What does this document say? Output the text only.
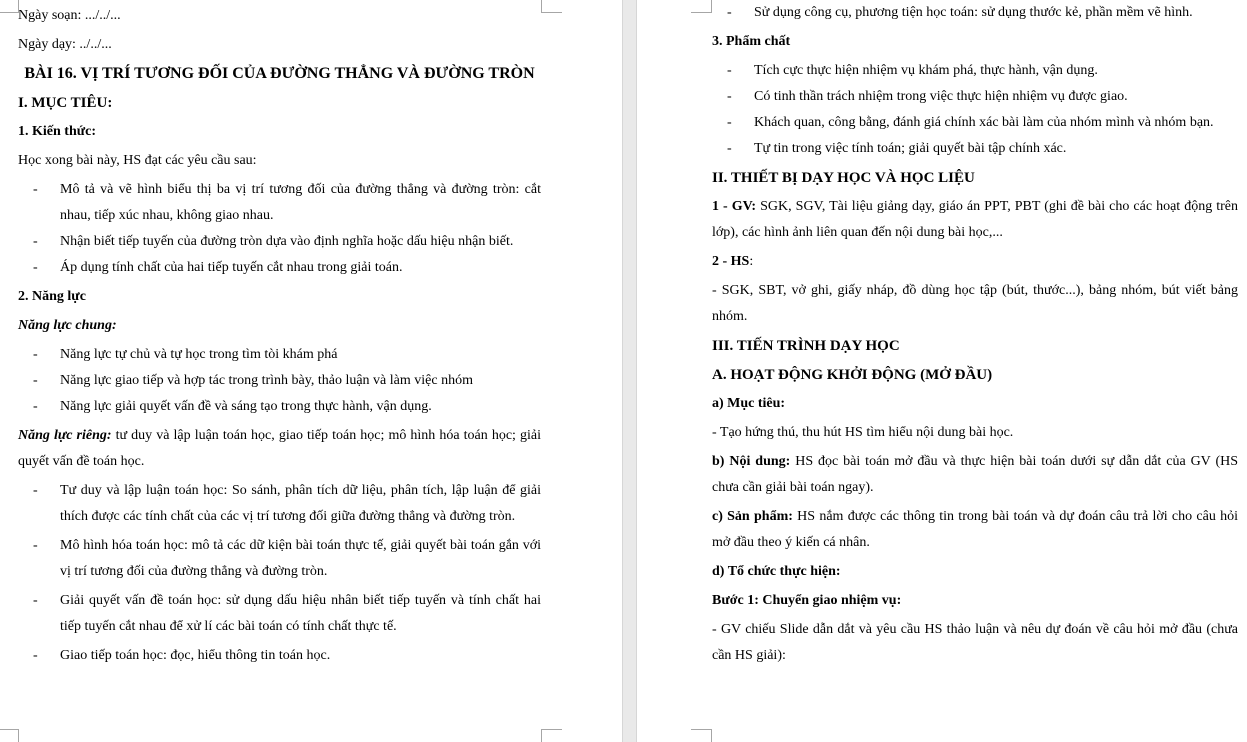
Ngày soạn: .../../...

Ngày dạy: ../../...

BÀI 16. VỊ TRÍ TƯƠNG ĐỐI CỦA ĐƯỜNG THẲNG VÀ ĐƯỜNG TRÒN

I. MỤC TIÊU:

1. Kiến thức:

Học xong bài này, HS đạt các yêu cầu sau:

- Mô tả và vẽ hình biểu thị ba vị trí tương đối của đường thẳng và đường tròn: cắt nhau, tiếp xúc nhau, không giao nhau.
- Nhận biết tiếp tuyến của đường tròn dựa vào định nghĩa hoặc dấu hiệu nhận biết.
- Áp dụng tính chất của hai tiếp tuyến cắt nhau trong giải toán.

2. Năng lực

Năng lực chung:

- Năng lực tự chủ và tự học trong tìm tòi khám phá
- Năng lực giao tiếp và hợp tác trong trình bày, thảo luận và làm việc nhóm
- Năng lực giải quyết vấn đề và sáng tạo trong thực hành, vận dụng.

Năng lực riêng: tư duy và lập luận toán học, giao tiếp toán học; mô hình hóa toán học; giải quyết vấn đề toán học.

- Tư duy và lập luận toán học: So sánh, phân tích dữ liệu, phân tích, lập luận để giải thích được các tính chất của các vị trí tương đối giữa đường thẳng và đường tròn.
- Mô hình hóa toán học: mô tả các dữ kiện bài toán thực tế, giải quyết bài toán gắn với vị trí tương đối của đường thẳng và đường tròn.
- Giải quyết vấn đề toán học: sử dụng dấu hiệu nhân biết tiếp tuyến và tính chất hai tiếp tuyến cắt nhau để xử lí các bài toán có tính chất thực tế.
- Giao tiếp toán học: đọc, hiểu thông tin toán học.
- Sử dụng công cụ, phương tiện học toán: sử dụng thước kẻ, phần mềm vẽ hình.

3. Phẩm chất

- Tích cực thực hiện nhiệm vụ khám phá, thực hành, vận dụng.
- Có tinh thần trách nhiệm trong việc thực hiện nhiệm vụ được giao.
- Khách quan, công bằng, đánh giá chính xác bài làm của nhóm mình và nhóm bạn.
- Tự tin trong việc tính toán; giải quyết bài tập chính xác.

II. THIẾT BỊ DẠY HỌC VÀ HỌC LIỆU

1 - GV: SGK, SGV, Tài liệu giảng dạy, giáo án PPT, PBT (ghi đề bài cho các hoạt động trên lớp), các hình ảnh liên quan đến nội dung bài học,...

2 - HS:

- SGK, SBT, vở ghi, giấy nháp, đồ dùng học tập (bút, thước...), bảng nhóm, bút viết bảng nhóm.

III. TIẾN TRÌNH DẠY HỌC

A. HOẠT ĐỘNG KHỞI ĐỘNG (MỞ ĐẦU)

a) Mục tiêu:

- Tạo hứng thú, thu hút HS tìm hiểu nội dung bài học.

b) Nội dung: HS đọc bài toán mở đầu và thực hiện bài toán dưới sự dẫn dắt của GV (HS chưa cần giải bài toán ngay).

c) Sản phẩm: HS nắm được các thông tin trong bài toán và dự đoán câu trả lời cho câu hỏi mở đầu theo ý kiến cá nhân.

d) Tổ chức thực hiện:

Bước 1: Chuyển giao nhiệm vụ:

- GV chiếu Slide dẫn dắt và yêu cầu HS thảo luận và nêu dự đoán về câu hỏi mở đầu (chưa cần HS giải):
